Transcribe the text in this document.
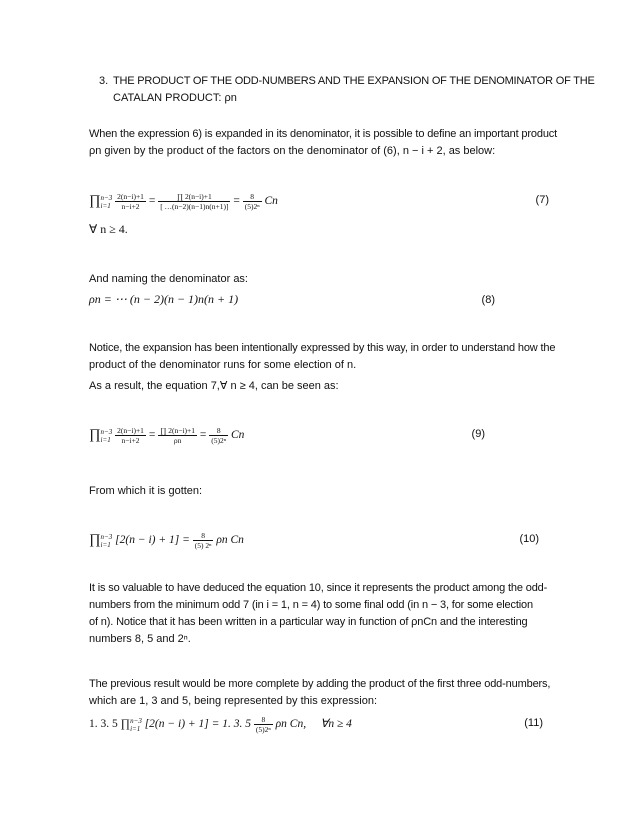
3. THE PRODUCT OF THE ODD-NUMBERS AND THE EXPANSION OF THE DENOMINATOR OF THE
CATALAN PRODUCT: ρn
When the expression 6) is expanded in its denominator, it is possible to define an important product
ρn given by the product of the factors on the denominator of (6), n − i + 2, as below:
∏n−3
$i=1 \frac{2(n-i)+1}{n-i+2} = \frac{\prod 2(n-i)+1}{[ \dots(n-2)(n-1)n(n+1)]} = \frac{8}{\text{(5)2ⁿ}}$ Cn	(7)
∀ n ≥ 4.
And naming the denominator as:
ρn = ⋯ (n − 2)(n − 1)n(n + 1)	(8)
Notice, the expansion has been intentionally expressed by this way, in order to understand how the
product of the denominator runs for some election of n.
As a result, the equation 7,∀ n ≥ 4, can be seen as:
∏n−3
$i=1 \frac{2(n-i)+1}{n-i+2} = \frac{\prod 2(n-i)+1}{\rho n} = \frac{8}{\text{(5)2ⁿ}}$ Cn	(9)
From which it is gotten:
∏n−3
i=1 $[2(n - i) + 1] = \frac{8}{\text{(5) 2ⁿ}}$ ρn Cn	(10)
It is so valuable to have deduced the equation 10, since it represents the product among the odd-
numbers from the minimum odd 7 (in i = 1, n = 4) to some final odd (in n − 3, for some election
of n). Notice that it has been written in a particular way in function of ρnCn and the interesting
numbers 8, 5 and 2ⁿ.
The previous result would be more complete by adding the product of the first three odd-numbers,
which are 1, 3 and 5, being represented by this expression:
1. 3. 5 ∏n−3
i=1 [2(n − i) + 1] = 1. 3. $5 \frac{8}{\text{(5)2ⁿ}}$ ρn Cn,     ∀n ≥ 4	(11)
